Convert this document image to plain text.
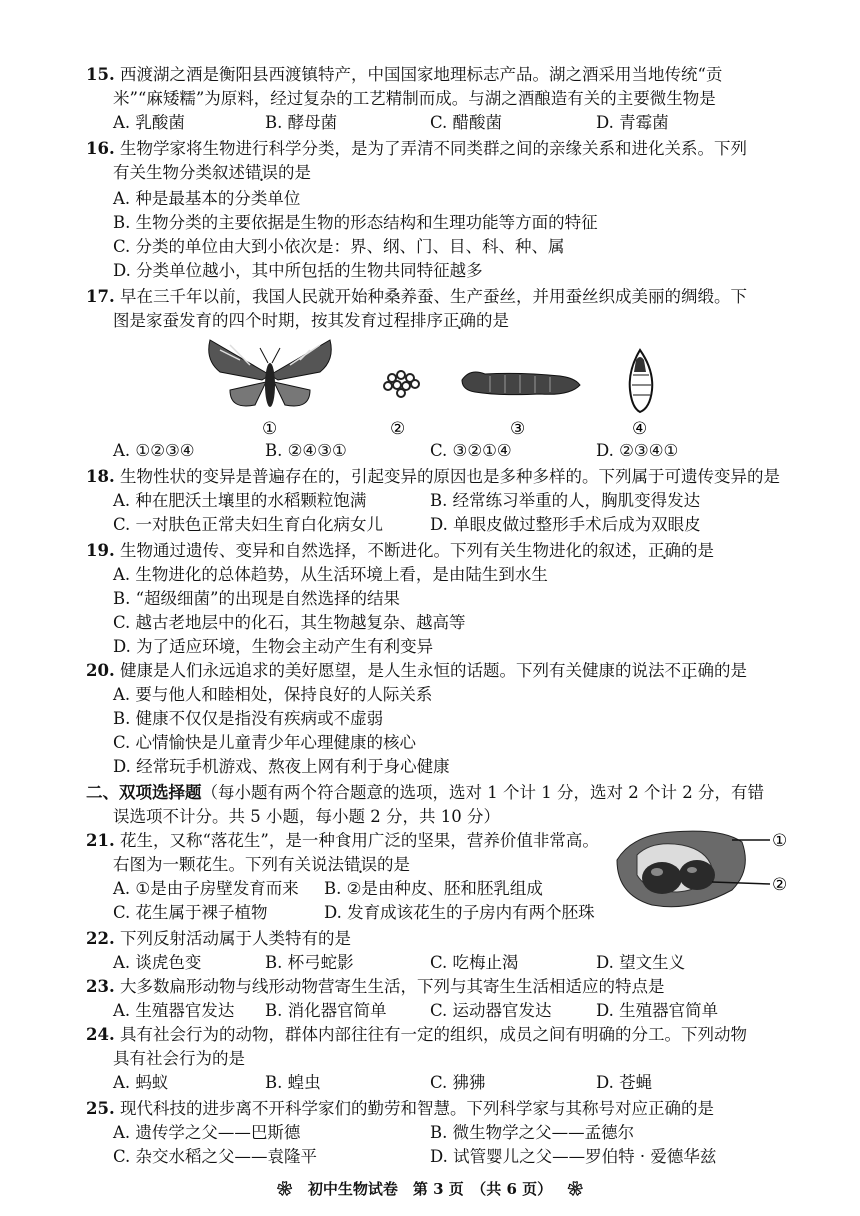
15. 西渡湖之酒是衡阳县西渡镇特产，中国国家地理标志产品。湖之酒采用当地传统“贡
米”“麻矮糯”为原料，经过复杂的工艺精制而成。与湖之酒酿造有关的主要微生物是
A. 乳酸菌	B. 酵母菌	C. 醋酸菌	D. 青霉菌
16. 生物学家将生物进行科学分类，是为了弄清不同类群之间的亲缘关系和进化关系。下列
有关生物分类叙述错误的是
A. 种是最基本的分类单位
B. 生物分类的主要依据是生物的形态结构和生理功能等方面的特征
C. 分类的单位由大到小依次是：界、纲、门、目、科、种、属
D. 分类单位越小，其中所包括的生物共同特征越多
17. 早在三千年以前，我国人民就开始种桑养蚕、生产蚕丝，并用蚕丝织成美丽的绸缎。下
图是家蚕发育的四个时期，按其发育过程排序正确的是
①	②	③	④
A. ①②③④	B. ②④③①	C. ③②①④	D. ②③④①
18. 生物性状的变异是普遍存在的，引起变异的原因也是多种多样的。下列属于可遗传变异的是
A. 种在肥沃土壤里的水稻颗粒饱满	B. 经常练习举重的人，胸肌变得发达
C. 一对肤色正常夫妇生育白化病女儿	D. 单眼皮做过整形手术后成为双眼皮
19. 生物通过遗传、变异和自然选择，不断进化。下列有关生物进化的叙述，正确的是
A. 生物进化的总体趋势，从生活环境上看，是由陆生到水生
B. “超级细菌”的出现是自然选择的结果
C. 越古老地层中的化石，其生物越复杂、越高等
D. 为了适应环境，生物会主动产生有利变异
20. 健康是人们永远追求的美好愿望，是人生永恒的话题。下列有关健康的说法不正确的是
A. 要与他人和睦相处，保持良好的人际关系
B. 健康不仅仅是指没有疾病或不虚弱
C. 心情愉快是儿童青少年心理健康的核心
D. 经常玩手机游戏、熬夜上网有利于身心健康
二、双项选择题（每小题有两个符合题意的选项，选对 1 个计 1 分，选对 2 个计 2 分，有错
误选项不计分。共 5 小题，每小题 2 分，共 10 分）
21. 花生，又称“落花生”，是一种食用广泛的坚果，营养价值非常高。
右图为一颗花生。下列有关说法错误的是
A. ①是由子房壁发育而来 B. ②是由种皮、胚和胚乳组成
C. 花生属于裸子植物	D. 发育成该花生的子房内有两个胚珠
①
②
22. 下列反射活动属于人类特有的是
A. 谈虎色变	B. 杯弓蛇影	C. 吃梅止渴	D. 望文生义
23. 大多数扁形动物与线形动物营寄生生活，下列与其寄生生活相适应的特点是
A. 生殖器官发达 B. 消化器官简单	C. 运动器官发达	D. 生殖器官简单
24. 具有社会行为的动物，群体内部往往有一定的组织，成员之间有明确的分工。下列动物
具有社会行为的是
A. 蚂蚁	B. 蝗虫	C. 狒狒	D. 苍蝇
25. 现代科技的进步离不开科学家们的勤劳和智慧。下列科学家与其称号对应正确的是
A. 遗传学之父——巴斯德	B. 微生物学之父——孟德尔
C. 杂交水稻之父——袁隆平	D. 试管婴儿之父——罗伯特 · 爱德华兹
❀ 初中生物试卷　第 3 页　（共 6 页） ❀
